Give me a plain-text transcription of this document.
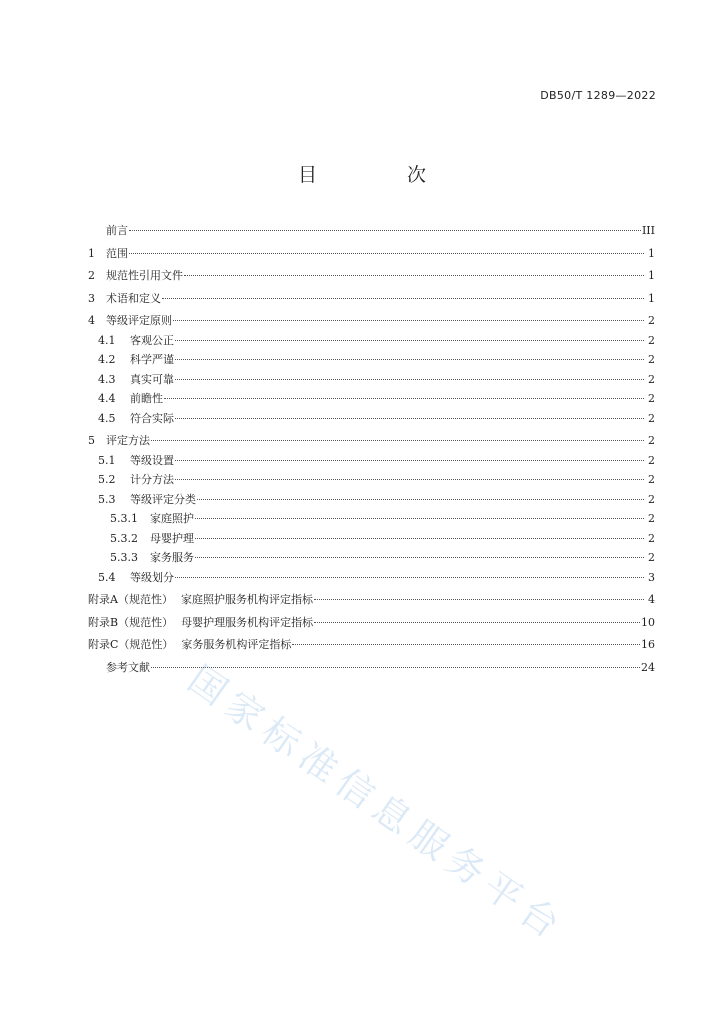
DB50/T 1289—2022
目 次
前言	III
1	范围	1
2	规范性引用文件	1
3	术语和定义	1
4	等级评定原则	2
4.1	客观公正	2
4.2	科学严谨	2
4.3	真实可靠	2
4.4	前瞻性	2
4.5	符合实际	2
5	评定方法	2
5.1	等级设置	2
5.2	计分方法	2
5.3	等级评定分类	2
5.3.1	家庭照护	2
5.3.2	母婴护理	2
5.3.3	家务服务	2
5.4	等级划分	3
附录A（规范性） 家庭照护服务机构评定指标	4
附录B（规范性） 母婴护理服务机构评定指标	10
附录C（规范性） 家务服务机构评定指标	16
参考文献	24
国家标准信息服务平台
